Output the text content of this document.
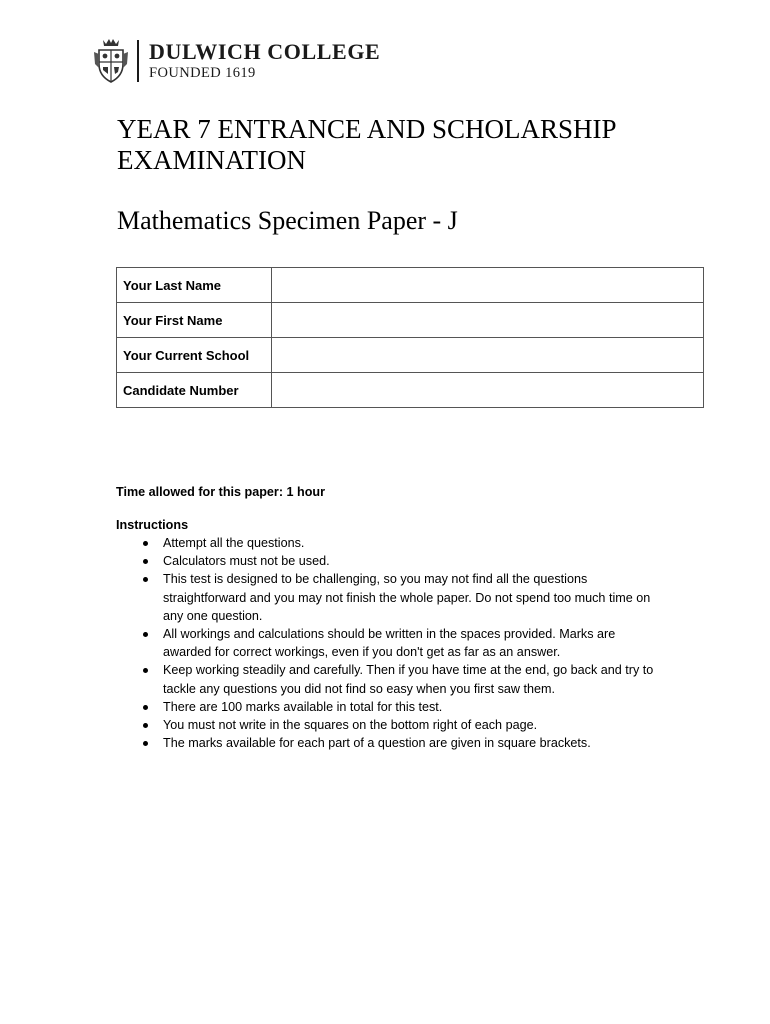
DULWICH COLLEGE
FOUNDED 1619
YEAR 7 ENTRANCE AND SCHOLARSHIP EXAMINATION
Mathematics Specimen Paper - J
Your Last Name	
Your First Name	
Your Current School	
Candidate Number	
Time allowed for this paper: 1 hour
Instructions
Attempt all the questions.
Calculators must not be used.
This test is designed to be challenging, so you may not find all the questions straightforward and you may not finish the whole paper. Do not spend too much time on any one question.
All workings and calculations should be written in the spaces provided. Marks are awarded for correct workings, even if you don't get as far as an answer.
Keep working steadily and carefully. Then if you have time at the end, go back and try to tackle any questions you did not find so easy when you first saw them.
There are 100 marks available in total for this test.
You must not write in the squares on the bottom right of each page.
The marks available for each part of a question are given in square brackets.
